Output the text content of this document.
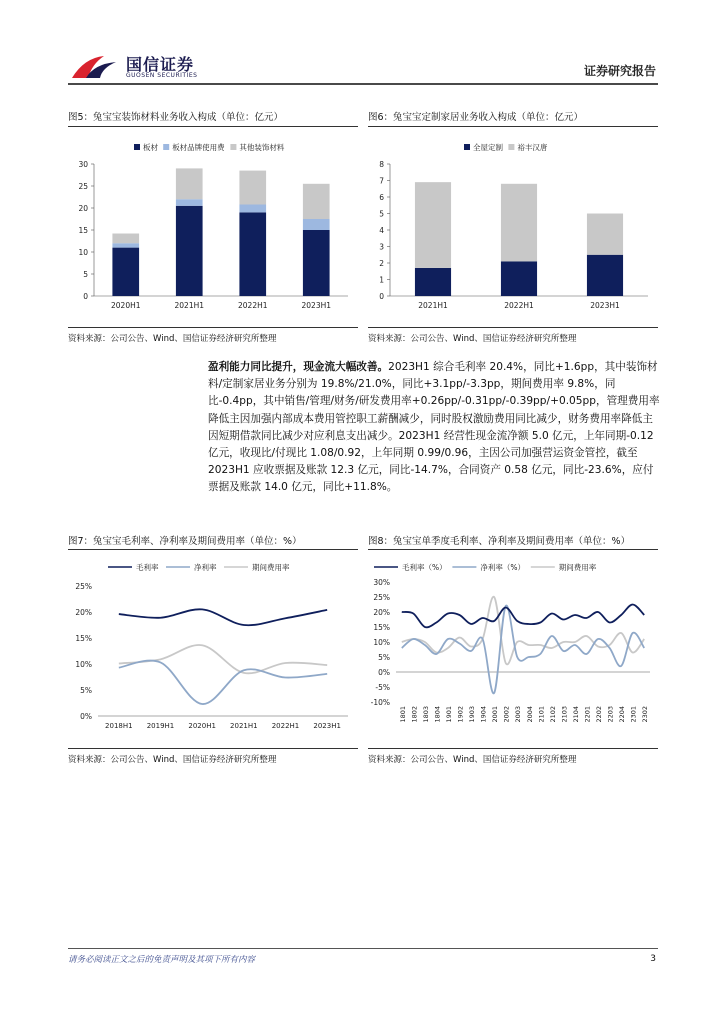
国信证券
GUOSEN SECURITIES	证券研究报告
图5：兔宝宝装饰材料业务收入构成（单位：亿元）
板材 板材品牌使用费 其他装饰材料
0
5
10
15
20
25
30
2020H1	2021H1	2022H1	2023H1
资料来源：公司公告、Wind、国信证券经济研究所整理
图6：兔宝宝定制家居业务收入构成（单位：亿元）
全屋定制 裕丰汉唐
0
1
2
3
4
5
6
7
8
2021H1	2022H1	2023H1
资料来源：公司公告、Wind、国信证券经济研究所整理

盈利能力同比提升，现金流大幅改善。2023H1 综合毛利率 20.4%，同比+1.6pp，其中装饰材料/定制家居业务分别为 19.8%/21.0%，同比+3.1pp/-3.3pp，期间费用率 9.8%，同比-0.4pp，其中销售/管理/财务/研发费用率+0.26pp/-0.31pp/-0.39pp/+0.05pp，管理费用率降低主因加强内部成本费用管控职工薪酬减少，同时股权激励费用同比减少，财务费用率降低主因短期借款同比减少对应利息支出减少。2023H1 经营性现金流净额 5.0 亿元，上年同期-0.12 亿元，收现比/付现比 1.08/0.92，上年同期 0.99/0.96，主因公司加强营运资金管控，截至 2023H1 应收票据及账款 12.3 亿元，同比-14.7%，合同资产 0.58 亿元，同比-23.6%，应付票据及账款 14.0 亿元，同比+11.8%。

图7：兔宝宝毛利率、净利率及期间费用率（单位：%）
毛利率	净利率	期间费用率
0%
5%
10%
15%
20%
25%
2018H1 2019H1 2020H1 2021H1 2022H1 2023H1
资料来源：公司公告、Wind、国信证券经济研究所整理
图8：兔宝宝单季度毛利率、净利率及期间费用率（单位：%）
毛利率（%）	净利率（%）	期间费用率
-10%
-5%
0%
5%
10%
15%
20%
25%
30%
1801 1802 1803 1804 1901 1902 1903 1904 2001 2002 2003 2004 2101 2102 2103 2104 2201 2202 2203 2204 2301 2302
资料来源：公司公告、Wind、国信证券经济研究所整理
请务必阅读正文之后的免责声明及其项下所有内容	3
